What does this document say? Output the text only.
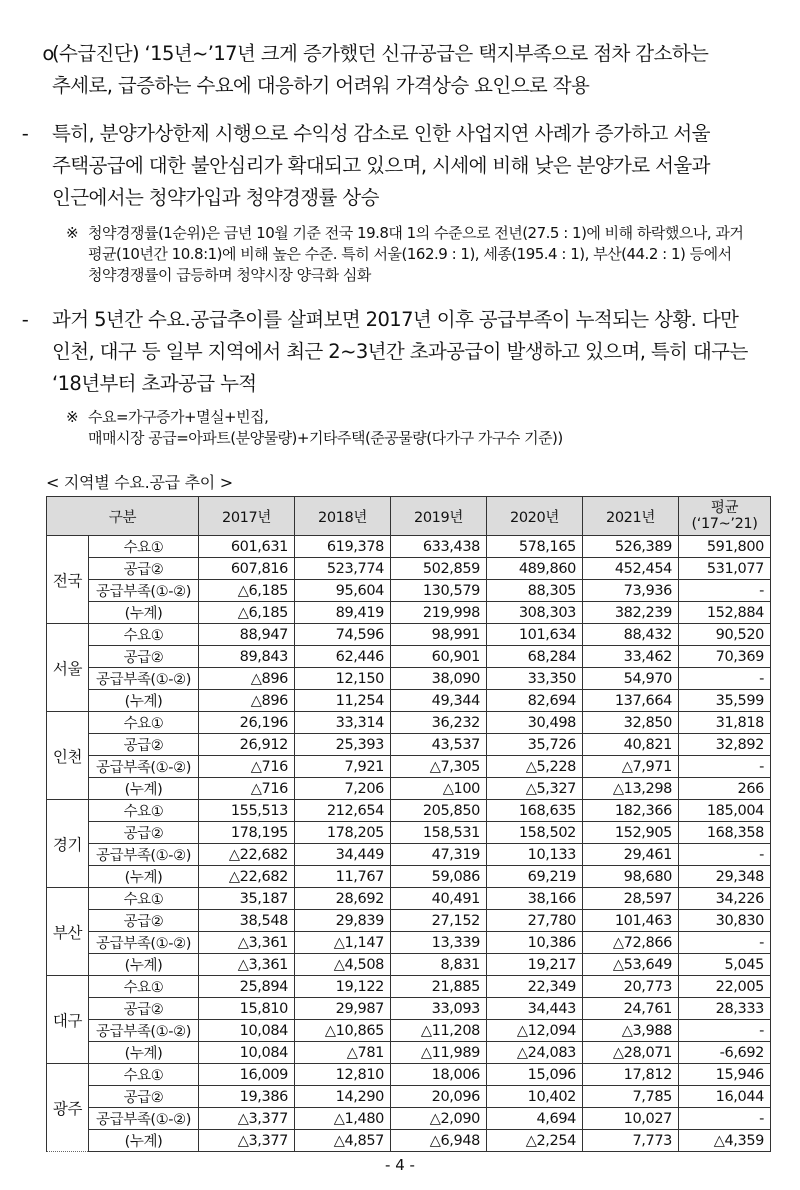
o
(수급진단) ‘15년~’17년 크게 증가했던 신규공급은 택지부족으로 점차 감소하는 추세로, 급증하는 수요에 대응하기 어려워 가격상승 요인으로 작용
-	특히, 분양가상한제 시행으로 수익성 감소로 인한 사업지연 사례가 증가하고 서울 주택공급에 대한 불안심리가 확대되고 있으며, 시세에 비해 낮은 분양가로 서울과 인근에서는 청약가입과 청약경쟁률 상승
※ 청약경쟁률(1순위)은 금년 10월 기준 전국 19.8대 1의 수준으로 전년(27.5 : 1)에 비해 하락했으나, 과거 평균(10년간 10.8:1)에 비해 높은 수준. 특히 서울(162.9 : 1), 세종(195.4 : 1), 부산(44.2 : 1) 등에서 청약경쟁률이 급등하며 청약시장 양극화 심화
-	과거 5년간 수요․공급추이를 살펴보면 2017년 이후 공급부족이 누적되는 상황. 다만 인천, 대구 등 일부 지역에서 최근 2~3년간 초과공급이 발생하고 있으며, 특히 대구는 ‘18년부터 초과공급 누적
※ 수요=가구증가+멸실+빈집,
매매시장 공급=아파트(분양물량)+기타주택(준공물량(다가구 가구수 기준))
< 지역별 수요․공급 추이 >
구분		2017년	2018년	2019년	2020년	2021년	평균
(‘17~’21)

전국	수요①	601,631	619,378	633,438	578,165	526,389	591,800
	공급②	607,816	523,774	502,859	489,860	452,454	531,077
	공급부족(①-②)	△6,185	95,604	130,579	88,305	73,936	-
	(누계)	△6,185	89,419	219,998	308,303	382,239	152,884
서울	수요①	88,947	74,596	98,991	101,634	88,432	90,520
	공급②	89,843	62,446	60,901	68,284	33,462	70,369
	공급부족(①-②)	△896	12,150	38,090	33,350	54,970	-
	(누계)	△896	11,254	49,344	82,694	137,664	35,599
인천	수요①	26,196	33,314	36,232	30,498	32,850	31,818
	공급②	26,912	25,393	43,537	35,726	40,821	32,892
	공급부족(①-②)	△716	7,921	△7,305	△5,228	△7,971	-
	(누계)	△716	7,206	△100	△5,327	△13,298	266
경기	수요①	155,513	212,654	205,850	168,635	182,366	185,004
	공급②	178,195	178,205	158,531	158,502	152,905	168,358
	공급부족(①-②)	△22,682	34,449	47,319	10,133	29,461	-
	(누계)	△22,682	11,767	59,086	69,219	98,680	29,348
부산	수요①	35,187	28,692	40,491	38,166	28,597	34,226
	공급②	38,548	29,839	27,152	27,780	101,463	30,830
	공급부족(①-②)	△3,361	△1,147	13,339	10,386	△72,866	-
	(누계)	△3,361	△4,508	8,831	19,217	△53,649	5,045
대구	수요①	25,894	19,122	21,885	22,349	20,773	22,005
	공급②	15,810	29,987	33,093	34,443	24,761	28,333
	공급부족(①-②)	10,084	△10,865	△11,208	△12,094	△3,988	-
	(누계)	10,084	△781	△11,989	△24,083	△28,071	-6,692
광주	수요①	16,009	12,810	18,006	15,096	17,812	15,946
	공급②	19,386	14,290	20,096	10,402	7,785	16,044
	공급부족(①-②)	△3,377	△1,480	△2,090	4,694	10,027	-
	(누계)	△3,377	△4,857	△6,948	△2,254	7,773	△4,359
- 4 -
